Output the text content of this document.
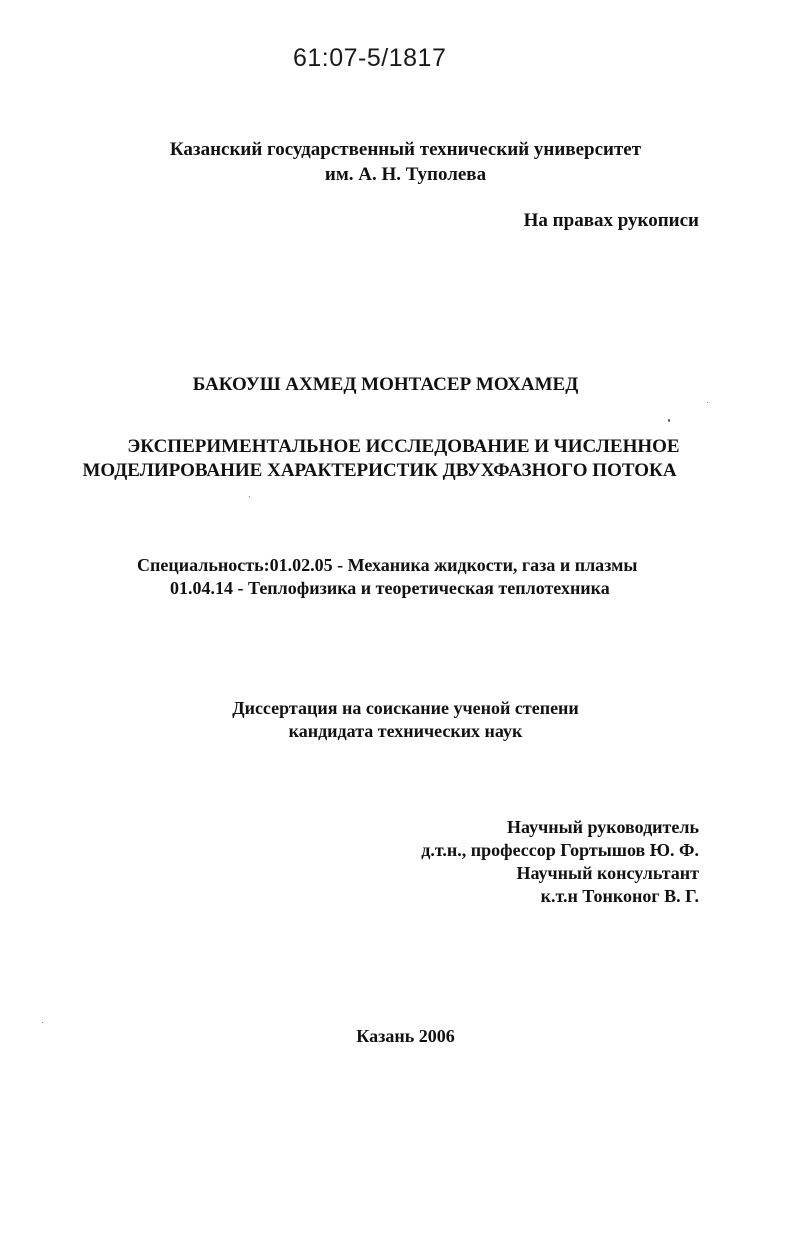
61:07-5/1817
Казанский государственный технический университет
им. А. Н. Туполева
На правах рукописи
БАКОУШ АХМЕД МОНТАСЕР МОХАМЕД
ЭКСПЕРИМЕНТАЛЬНОЕ ИССЛЕДОВАНИЕ И ЧИСЛЕННОЕ
МОДЕЛИРОВАНИЕ ХАРАКТЕРИСТИК ДВУХФАЗНОГО ПОТОКА
Специальность:01.02.05 - Механика жидкости, газа и плазмы
01.04.14 - Теплофизика и теоретическая теплотехника
Диссертация на соискание ученой степени
кандидата технических наук
Научный руководитель
д.т.н., профессор Гортышов Ю. Ф.
Научный консультант
к.т.н Тонконог В. Г.
Казань 2006
